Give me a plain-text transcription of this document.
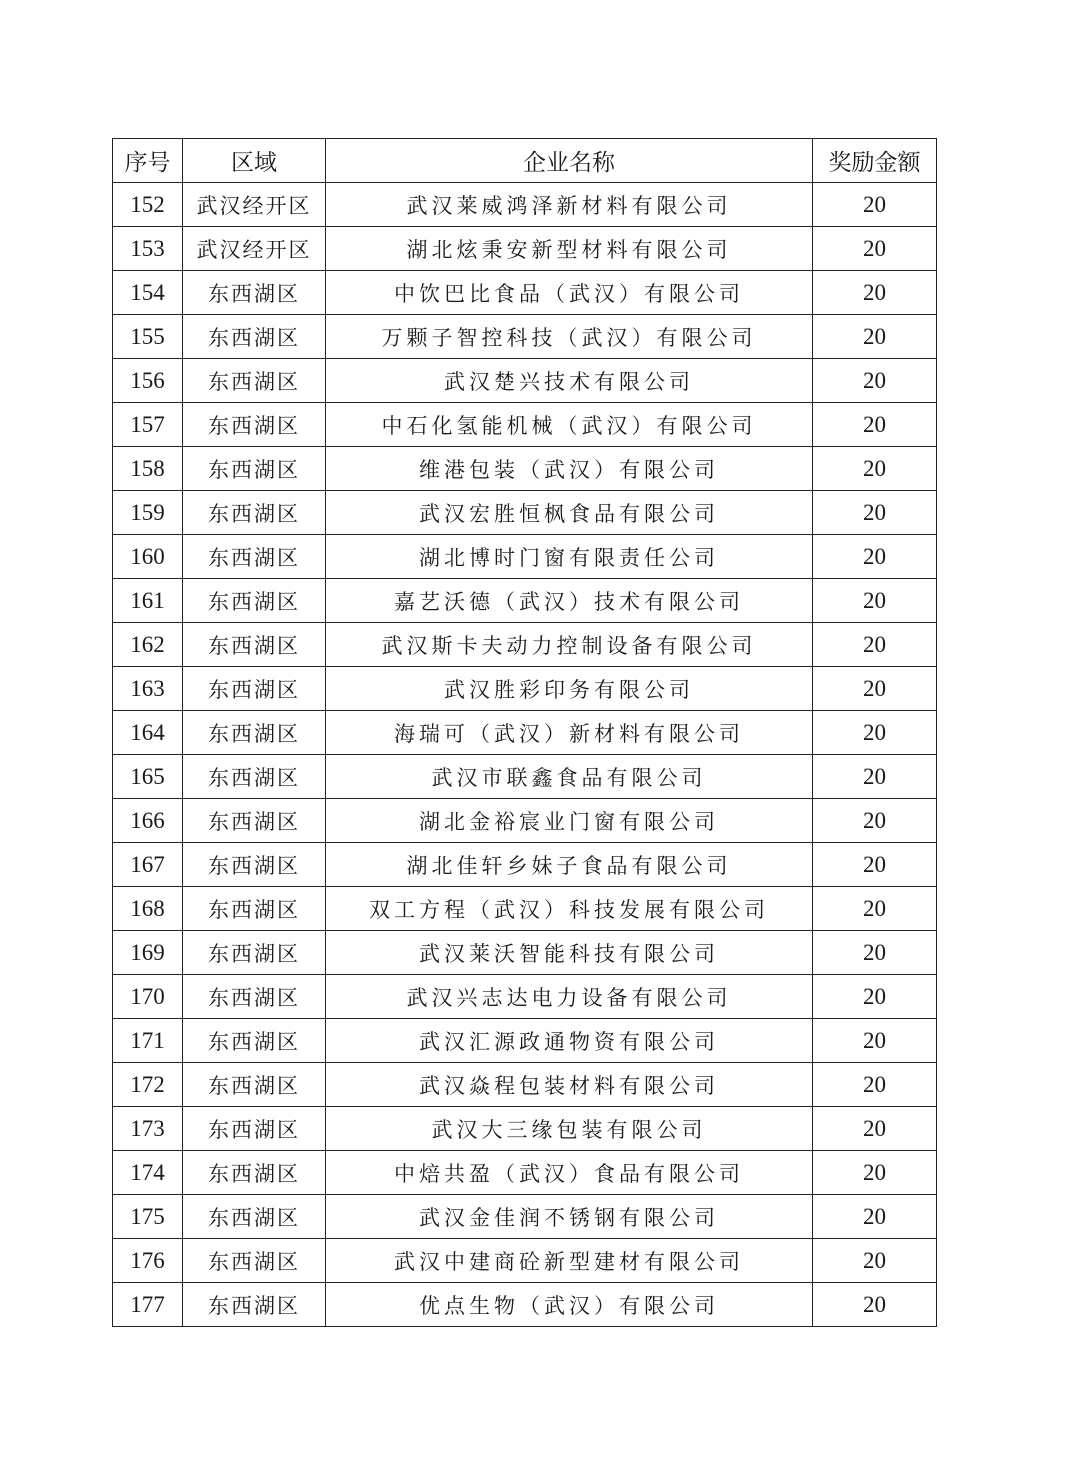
序号	区域	企业名称	奖励金额
152	武汉经开区	武汉莱威鸿泽新材料有限公司	20
153	武汉经开区	湖北炫秉安新型材料有限公司	20
154	东西湖区	中饮巴比食品（武汉）有限公司	20
155	东西湖区	万颗子智控科技（武汉）有限公司	20
156	东西湖区	武汉楚兴技术有限公司	20
157	东西湖区	中石化氢能机械（武汉）有限公司	20
158	东西湖区	维港包装（武汉）有限公司	20
159	东西湖区	武汉宏胜恒枫食品有限公司	20
160	东西湖区	湖北博时门窗有限责任公司	20
161	东西湖区	嘉艺沃德（武汉）技术有限公司	20
162	东西湖区	武汉斯卡夫动力控制设备有限公司	20
163	东西湖区	武汉胜彩印务有限公司	20
164	东西湖区	海瑞可（武汉）新材料有限公司	20
165	东西湖区	武汉市联鑫食品有限公司	20
166	东西湖区	湖北金裕宸业门窗有限公司	20
167	东西湖区	湖北佳轩乡妹子食品有限公司	20
168	东西湖区	双工方程（武汉）科技发展有限公司	20
169	东西湖区	武汉莱沃智能科技有限公司	20
170	东西湖区	武汉兴志达电力设备有限公司	20
171	东西湖区	武汉汇源政通物资有限公司	20
172	东西湖区	武汉焱程包装材料有限公司	20
173	东西湖区	武汉大三缘包装有限公司	20
174	东西湖区	中焙共盈（武汉）食品有限公司	20
175	东西湖区	武汉金佳润不锈钢有限公司	20
176	东西湖区	武汉中建商砼新型建材有限公司	20
177	东西湖区	优点生物（武汉）有限公司	20
